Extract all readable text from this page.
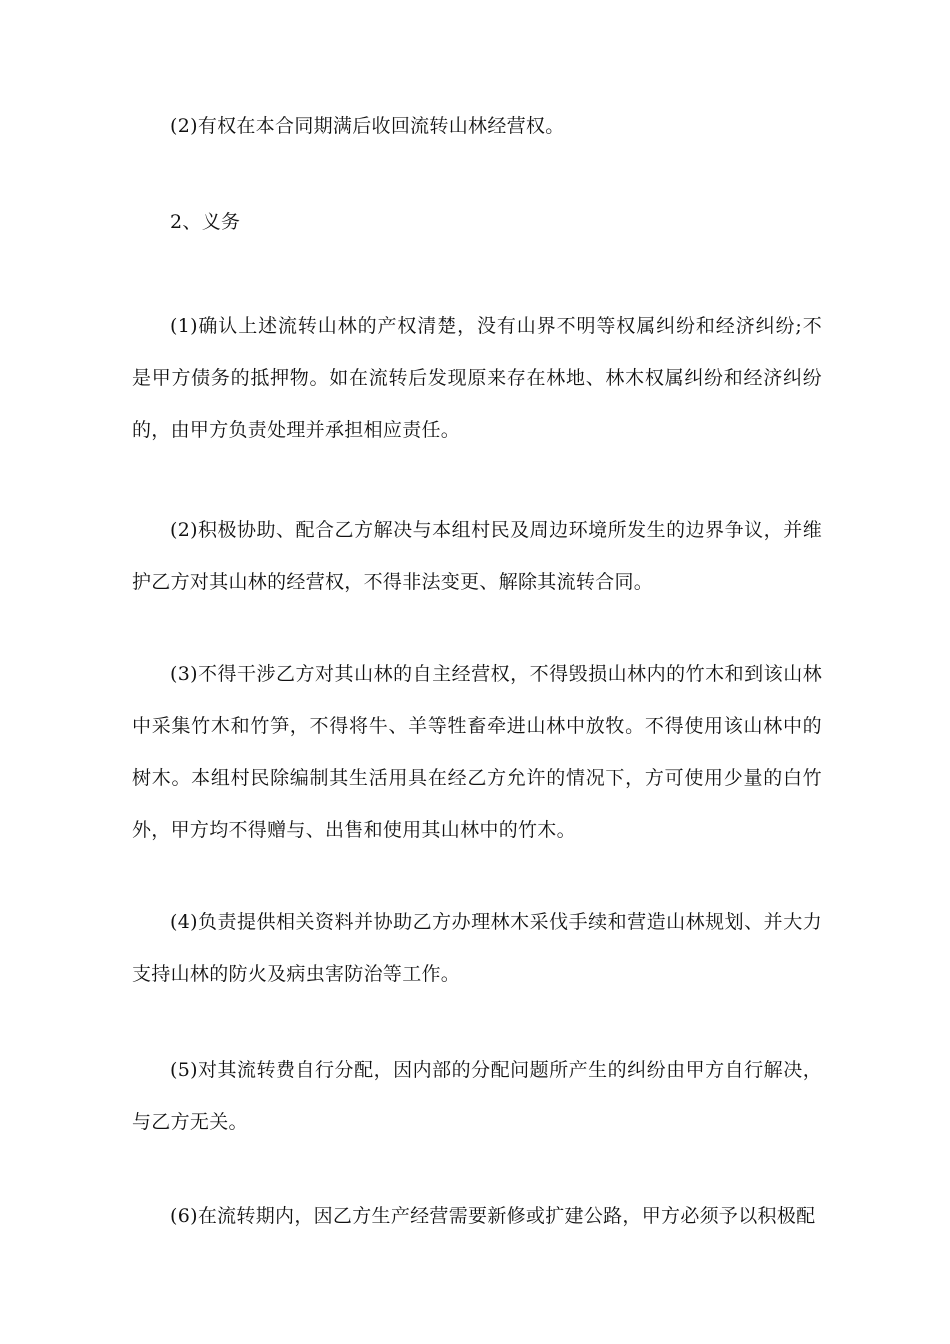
(2)有权在本合同期满后收回流转山林经营权。

2、义务

(1)确认上述流转山林的产权清楚，没有山界不明等权属纠纷和经济纠纷;不是甲方债务的抵押物。如在流转后发现原来存在林地、林木权属纠纷和经济纠纷的，由甲方负责处理并承担相应责任。

(2)积极协助、配合乙方解决与本组村民及周边环境所发生的边界争议，并维护乙方对其山林的经营权，不得非法变更、解除其流转合同。

(3)不得干涉乙方对其山林的自主经营权，不得毁损山林内的竹木和到该山林中采集竹木和竹笋，不得将牛、羊等牲畜牵进山林中放牧。不得使用该山林中的树木。本组村民除编制其生活用具在经乙方允许的情况下，方可使用少量的白竹外，甲方均不得赠与、出售和使用其山林中的竹木。

(4)负责提供相关资料并协助乙方办理林木采伐手续和营造山林规划、并大力支持山林的防火及病虫害防治等工作。

(5)对其流转费自行分配，因内部的分配问题所产生的纠纷由甲方自行解决，与乙方无关。

(6)在流转期内，因乙方生产经营需要新修或扩建公路，甲方必须予以积极配
